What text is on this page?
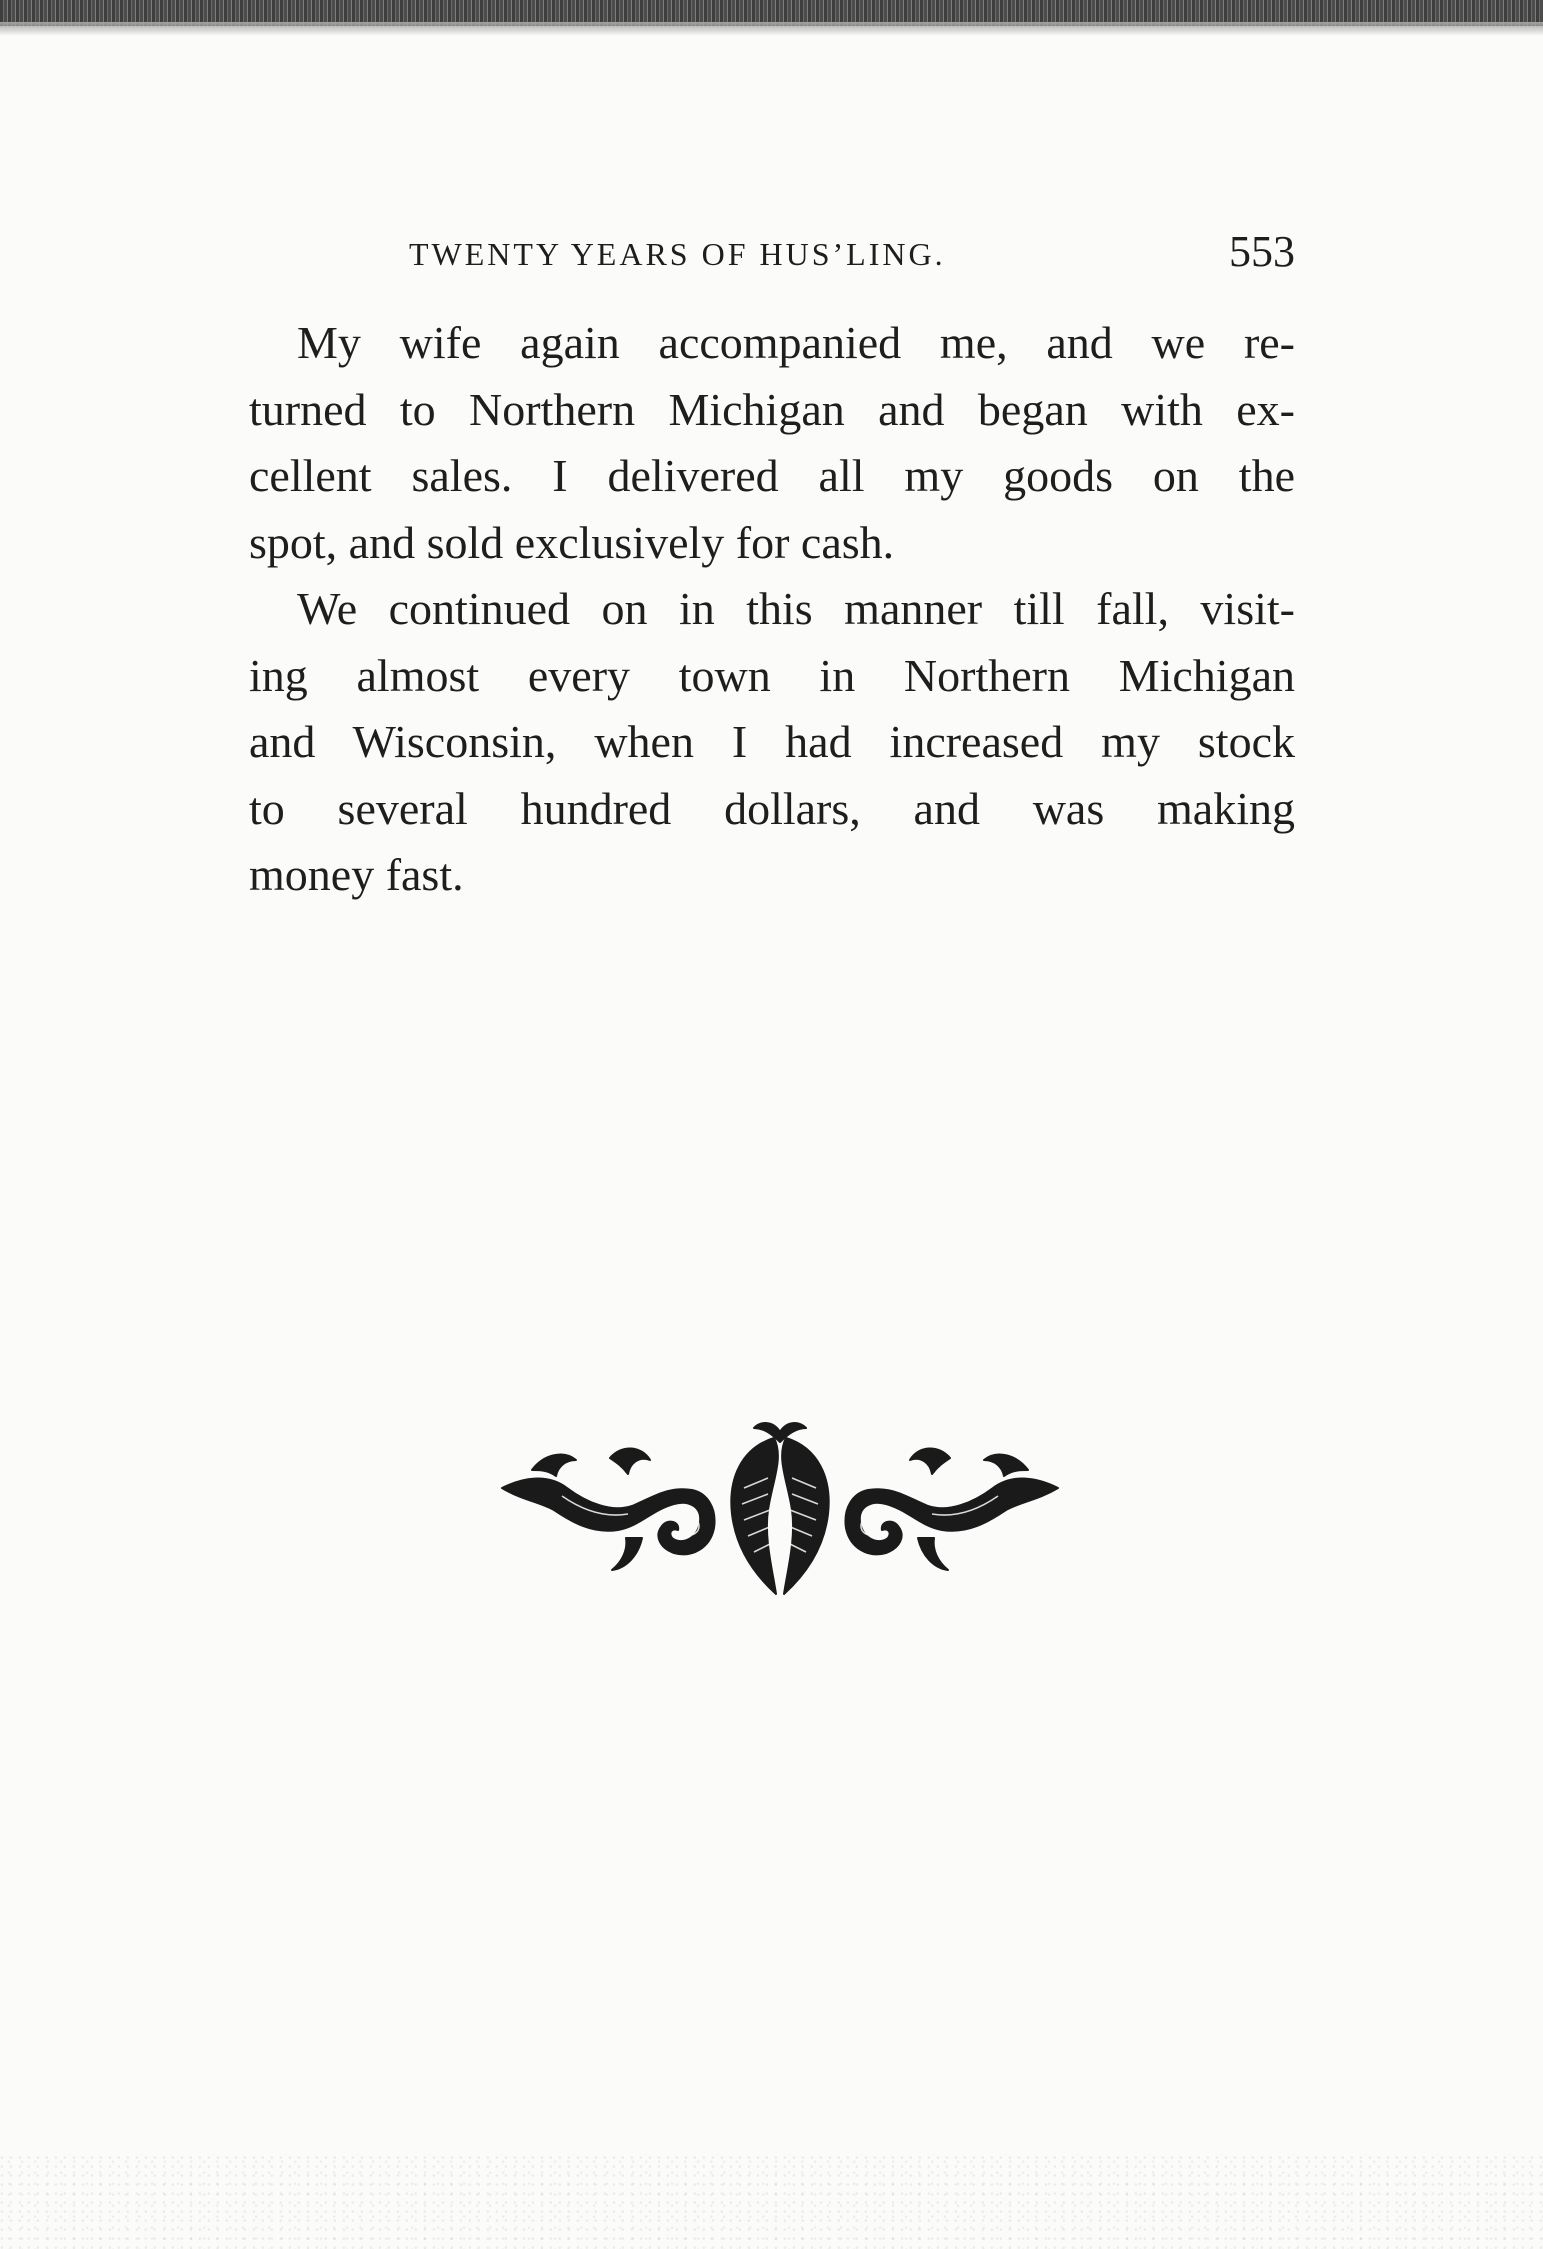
TWENTY YEARS OF HUS’LING.	553
My wife again accompanied me, and we re-
turned to Northern Michigan and began with ex-
cellent sales. I delivered all my goods on the
spot, and sold exclusively for cash.
We continued on in this manner till fall, visit-
ing almost every town in Northern Michigan
and Wisconsin, when I had increased my stock
to several hundred dollars, and was making
money fast.
